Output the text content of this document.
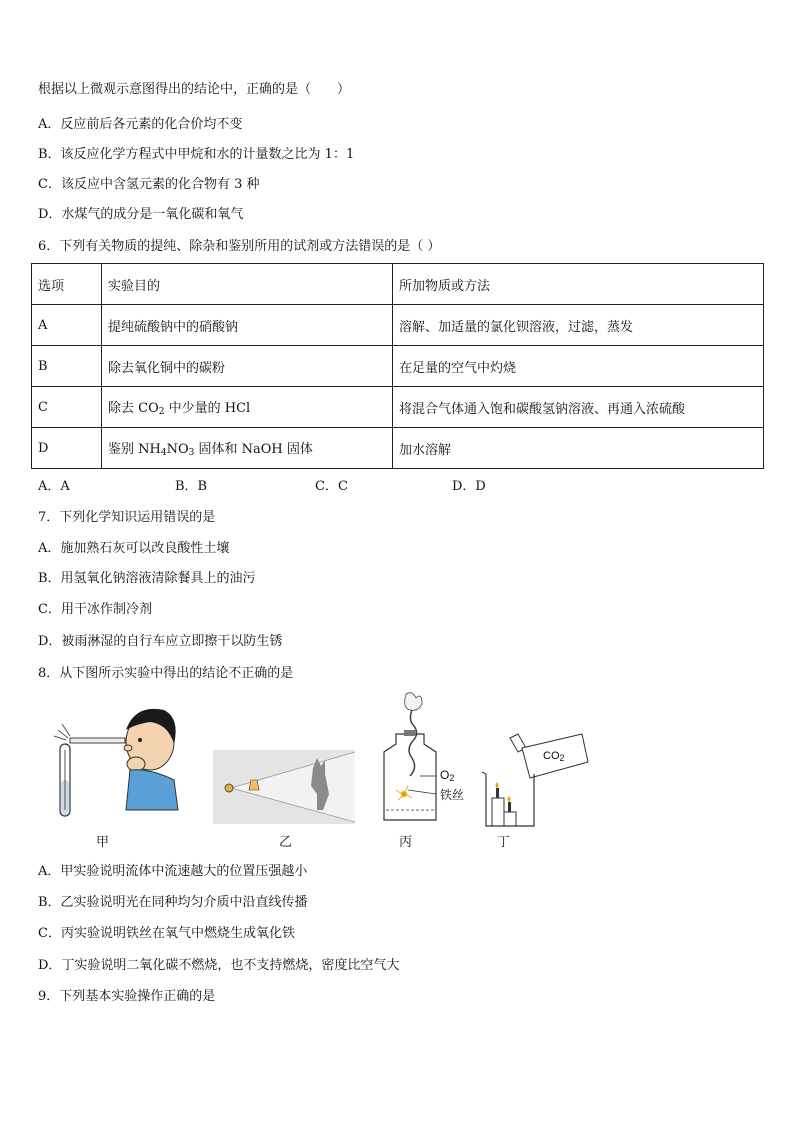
根据以上微观示意图得出的结论中，正确的是（　　）
A．反应前后各元素的化合价均不变
B．该反应化学方程式中甲烷和水的计量数之比为 1：1
C．该反应中含氢元素的化合物有 3 种
D．水煤气的成分是一氧化碳和氧气
6．下列有关物质的提纯、除杂和鉴别所用的试剂或方法错误的是（ ）
选项	实验目的	所加物质或方法
A	提纯硫酸钠中的硝酸钠	溶解、加适量的氯化钡溶液，过滤，蒸发
B	除去氧化铜中的碳粉	在足量的空气中灼烧
C	除去 $CO_2$ 中少量的 HCl	将混合气体通入饱和碳酸氢钠溶液、再通入浓硫酸
D	鉴别 $NH_4NO_3$ 固体和 NaOH 固体	加水溶解
A．A	B．B	C．C	D．D
7．下列化学知识运用错误的是
A．施加熟石灰可以改良酸性土壤
B．用氢氧化钠溶液清除餐具上的油污
C．用干冰作制冷剂
D．被雨淋湿的自行车应立即擦干以防生锈
8．从下图所示实验中得出的结论不正确的是
甲	乙
$O_2$
铁丝
丙
$CO_2$
丁
A．甲实验说明流体中流速越大的位置压强越小
B．乙实验说明光在同种均匀介质中沿直线传播
C．丙实验说明铁丝在氧气中燃烧生成氧化铁
D．丁实验说明二氧化碳不燃烧，也不支持燃烧，密度比空气大
9．下列基本实验操作正确的是
